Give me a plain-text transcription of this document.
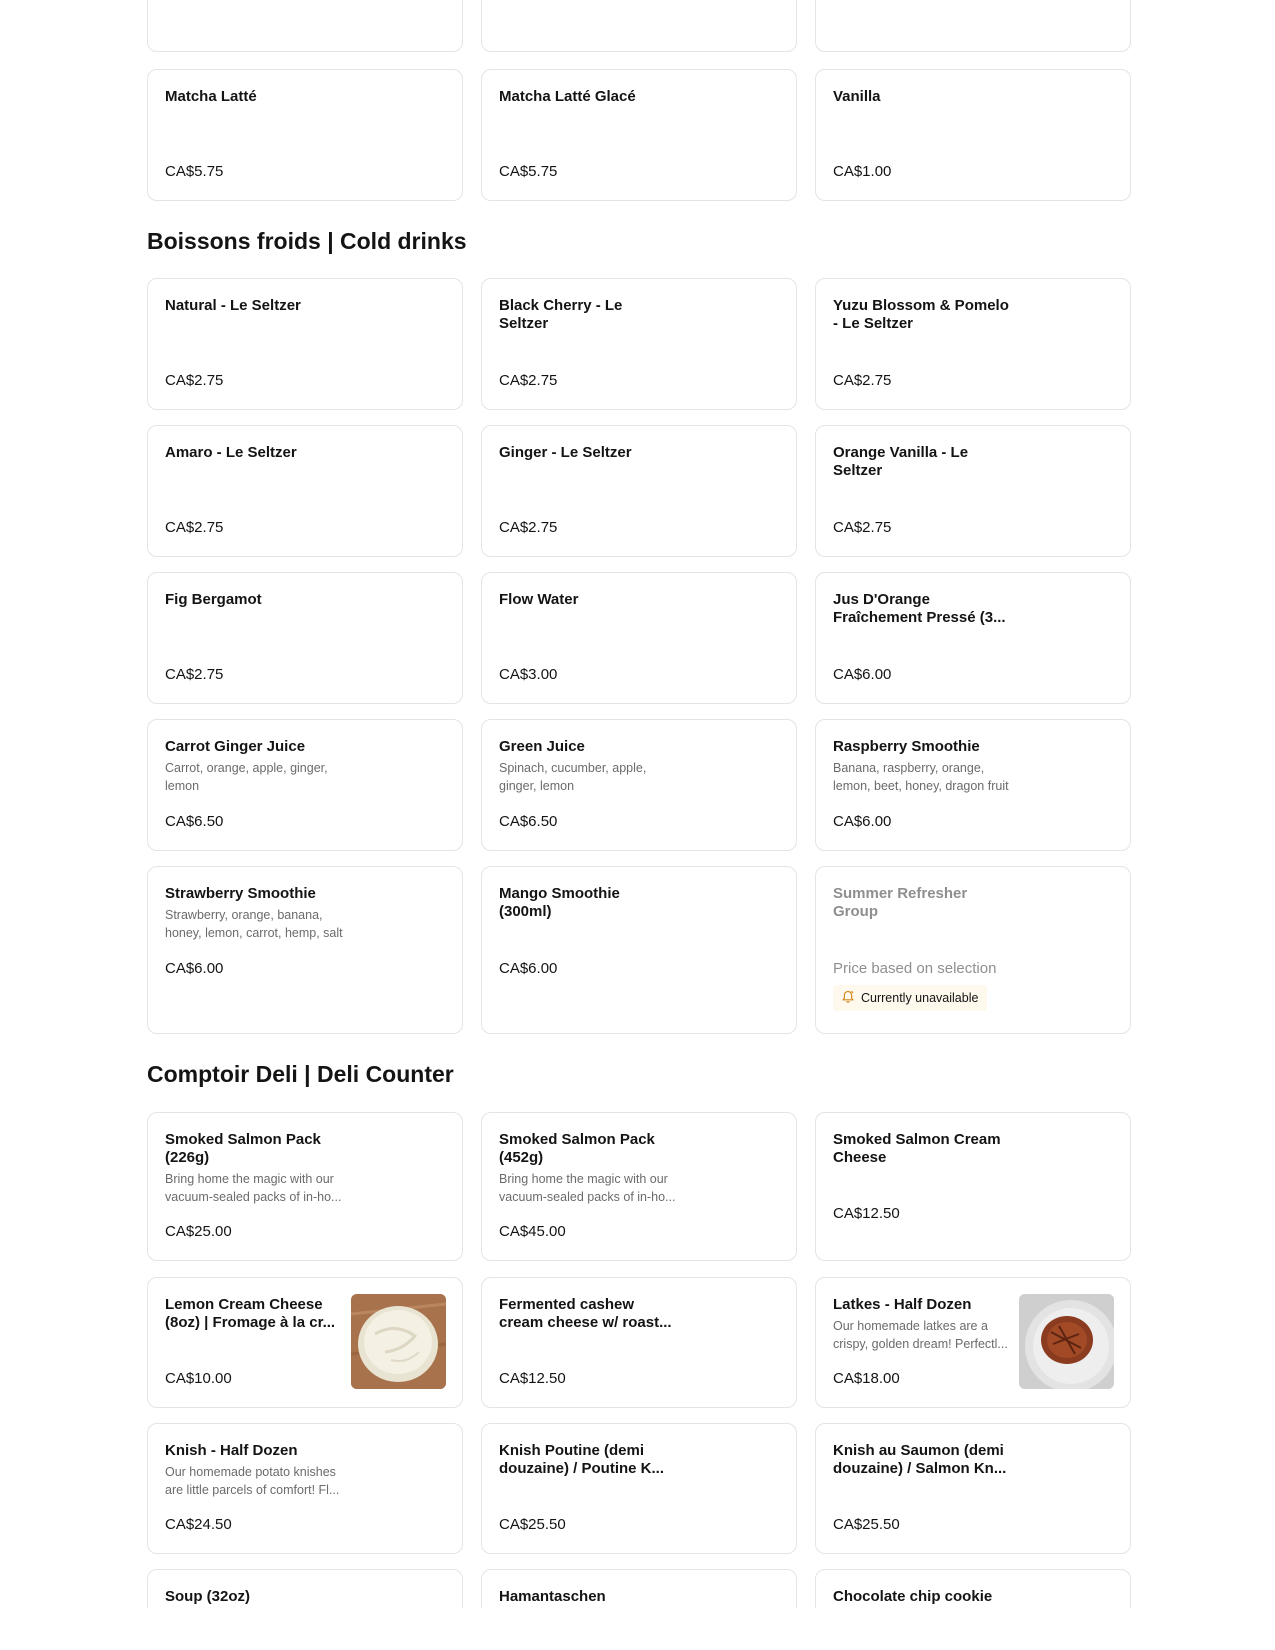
Matcha Latté
CA$5.75
Matcha Latté Glacé
CA$5.75
Vanilla
CA$1.00
Boissons froids | Cold drinks
Natural - Le Seltzer
CA$2.75
Black Cherry - Le Seltzer
CA$2.75
Yuzu Blossom & Pomelo - Le Seltzer
CA$2.75
Amaro - Le Seltzer
CA$2.75
Ginger - Le Seltzer
CA$2.75
Orange Vanilla - Le Seltzer
CA$2.75
Fig Bergamot
CA$2.75
Flow Water
CA$3.00
Jus D'Orange Fraîchement Pressé (3...
CA$6.00
Carrot Ginger Juice
Carrot, orange, apple, ginger, lemon
CA$6.50
Green Juice
Spinach, cucumber, apple, ginger, lemon
CA$6.50
Raspberry Smoothie
Banana, raspberry, orange, lemon, beet, honey, dragon fruit
CA$6.00
Strawberry Smoothie
Strawberry, orange, banana, honey, lemon, carrot, hemp, salt
CA$6.00
Mango Smoothie (300ml)
CA$6.00
Summer Refresher Group
Price based on selection
Currently unavailable
Comptoir Deli | Deli Counter
Smoked Salmon Pack (226g)
Bring home the magic with our vacuum-sealed packs of in-ho...
CA$25.00
Smoked Salmon Pack (452g)
Bring home the magic with our vacuum-sealed packs of in-ho...
CA$45.00
Smoked Salmon Cream Cheese
CA$12.50
Lemon Cream Cheese (8oz) | Fromage à la cr...
CA$10.00
Fermented cashew cream cheese w/ roast...
CA$12.50
Latkes - Half Dozen
Our homemade latkes are a crispy, golden dream! Perfectl...
CA$18.00
Knish - Half Dozen
Our homemade potato knishes are little parcels of comfort! Fl...
CA$24.50
Knish Poutine (demi douzaine) / Poutine K...
CA$25.50
Knish au Saumon (demi douzaine) / Salmon Kn...
CA$25.50
Soup (32oz)	Hamantaschen	Chocolate chip cookie
